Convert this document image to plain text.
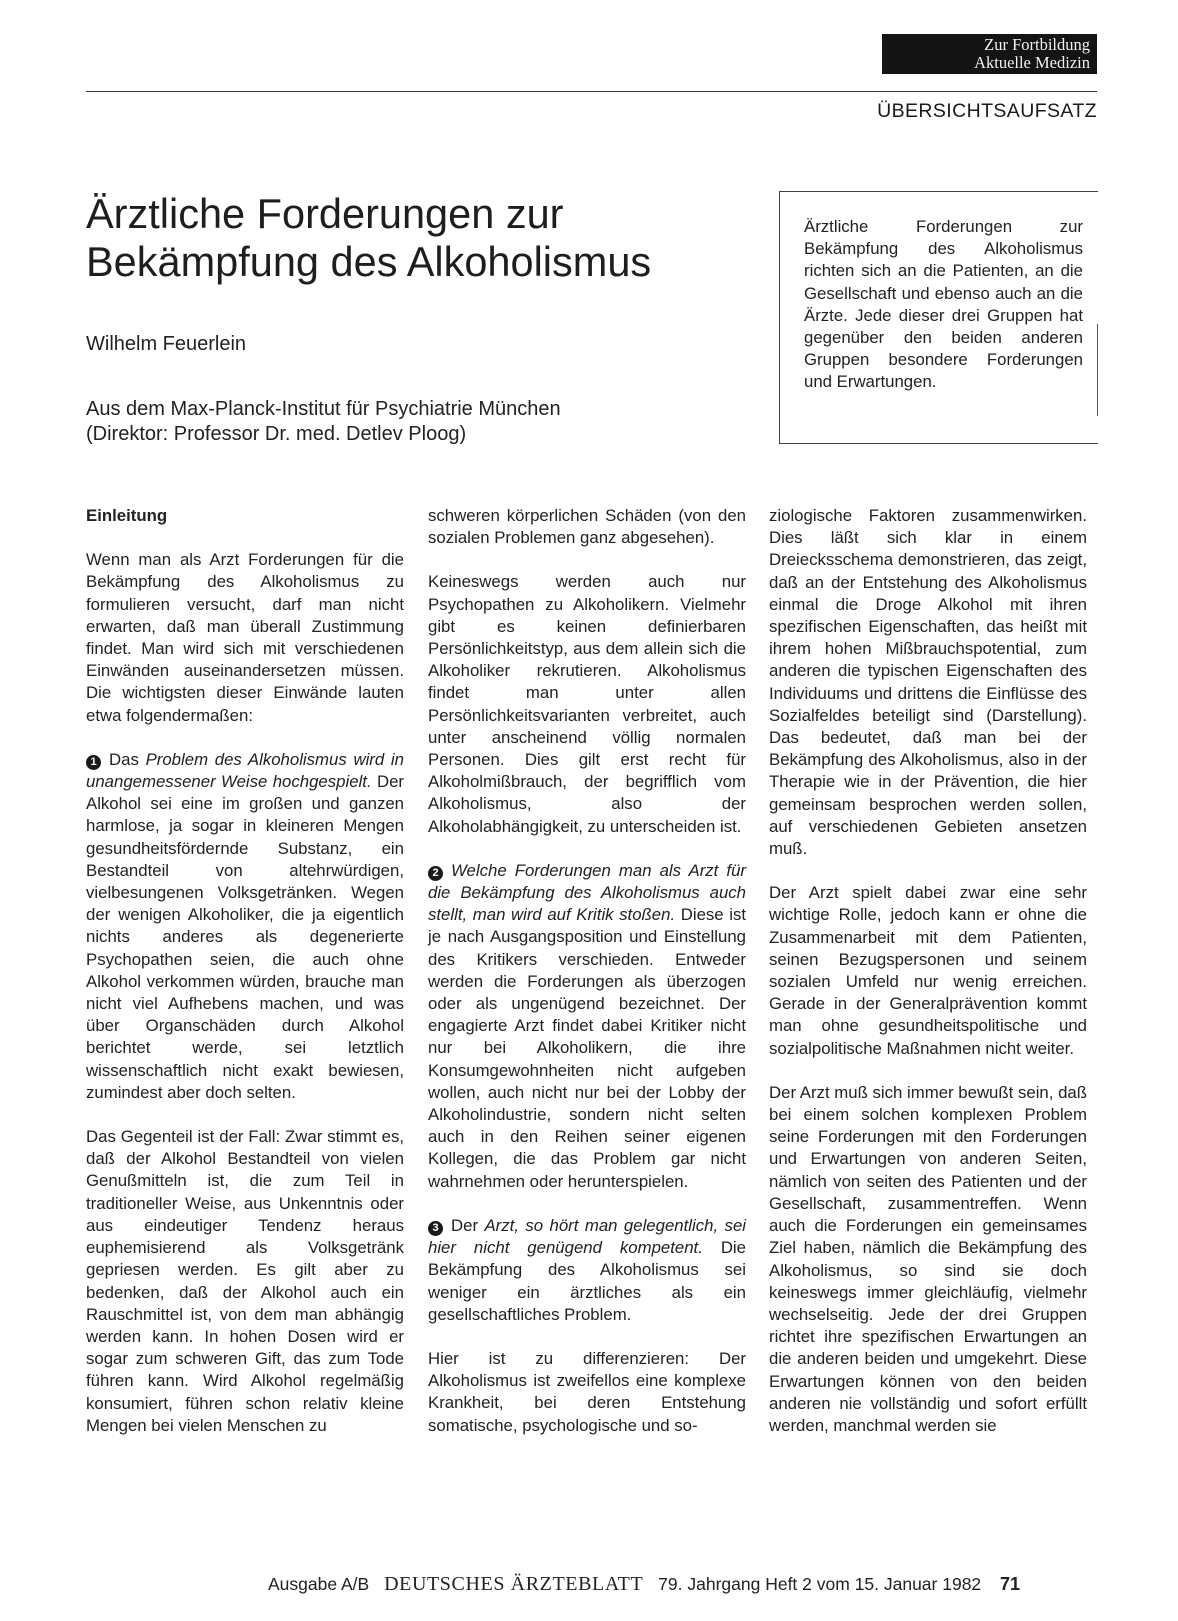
Zur Fortbildung
Aktuelle Medizin
ÜBERSICHTSAUFSATZ
Ärztliche Forderungen zur Bekämpfung des Alkoholismus
Wilhelm Feuerlein
Aus dem Max-Planck-Institut für Psychiatrie München
(Direktor: Professor Dr. med. Detlev Ploog)
Ärztliche Forderungen zur Bekämpfung des Alkoholismus richten sich an die Patienten, an die Gesellschaft und ebenso auch an die Ärzte. Jede dieser drei Gruppen hat gegenüber den beiden anderen Gruppen besondere Forderungen und Erwartungen.
Einleitung

Wenn man als Arzt Forderungen für die Bekämpfung des Alkoholismus zu formulieren versucht, darf man nicht erwarten, daß man überall Zustimmung findet. Man wird sich mit verschiedenen Einwänden auseinandersetzen müssen. Die wichtigsten dieser Einwände lauten etwa folgendermaßen:

1 Das Problem des Alkoholismus wird in unangemessener Weise hochgespielt. Der Alkohol sei eine im großen und ganzen harmlose, ja sogar in kleineren Mengen gesundheitsfördernde Substanz, ein Bestandteil von altehrwürdigen, vielbesungenen Volksgetränken. Wegen der wenigen Alkoholiker, die ja eigentlich nichts anderes als degenerierte Psychopathen seien, die auch ohne Alkohol verkommen würden, brauche man nicht viel Aufhebens machen, und was über Organschäden durch Alkohol berichtet werde, sei letztlich wissenschaftlich nicht exakt bewiesen, zumindest aber doch selten.

Das Gegenteil ist der Fall: Zwar stimmt es, daß der Alkohol Bestandteil von vielen Genußmitteln ist, die zum Teil in traditioneller Weise, aus Unkenntnis oder aus eindeutiger Tendenz heraus euphemisierend als Volksgetränk gepriesen werden. Es gilt aber zu bedenken, daß der Alkohol auch ein Rauschmittel ist, von dem man abhängig werden kann. In hohen Dosen wird er sogar zum schweren Gift, das zum Tode führen kann. Wird Alkohol regelmäßig konsumiert, führen schon relativ kleine Mengen bei vielen Menschen zu

schweren körperlichen Schäden (von den sozialen Problemen ganz abgesehen).

Keineswegs werden auch nur Psychopathen zu Alkoholikern. Vielmehr gibt es keinen definierbaren Persönlichkeitstyp, aus dem allein sich die Alkoholiker rekrutieren. Alkoholismus findet man unter allen Persönlichkeitsvarianten verbreitet, auch unter anscheinend völlig normalen Personen. Dies gilt erst recht für Alkoholmißbrauch, der begrifflich vom Alkoholismus, also der Alkoholabhängigkeit, zu unterscheiden ist.

2 Welche Forderungen man als Arzt für die Bekämpfung des Alkoholismus auch stellt, man wird auf Kritik stoßen. Diese ist je nach Ausgangsposition und Einstellung des Kritikers verschieden. Entweder werden die Forderungen als überzogen oder als ungenügend bezeichnet. Der engagierte Arzt findet dabei Kritiker nicht nur bei Alkoholikern, die ihre Konsumgewohnheiten nicht aufgeben wollen, auch nicht nur bei der Lobby der Alkoholindustrie, sondern nicht selten auch in den Reihen seiner eigenen Kollegen, die das Problem gar nicht wahrnehmen oder herunterspielen.

3 Der Arzt, so hört man gelegentlich, sei hier nicht genügend kompetent. Die Bekämpfung des Alkoholismus sei weniger ein ärztliches als ein gesellschaftliches Problem.

Hier ist zu differenzieren: Der Alkoholismus ist zweifellos eine komplexe Krankheit, bei deren Entstehung somatische, psychologische und so-

ziologische Faktoren zusammenwirken. Dies läßt sich klar in einem Dreiecksschema demonstrieren, das zeigt, daß an der Entstehung des Alkoholismus einmal die Droge Alkohol mit ihren spezifischen Eigenschaften, das heißt mit ihrem hohen Mißbrauchspotential, zum anderen die typischen Eigenschaften des Individuums und drittens die Einflüsse des Sozialfeldes beteiligt sind (Darstellung). Das bedeutet, daß man bei der Bekämpfung des Alkoholismus, also in der Therapie wie in der Prävention, die hier gemeinsam besprochen werden sollen, auf verschiedenen Gebieten ansetzen muß.

Der Arzt spielt dabei zwar eine sehr wichtige Rolle, jedoch kann er ohne die Zusammenarbeit mit dem Patienten, seinen Bezugspersonen und seinem sozialen Umfeld nur wenig erreichen. Gerade in der Generalprävention kommt man ohne gesundheitspolitische und sozialpolitische Maßnahmen nicht weiter.

Der Arzt muß sich immer bewußt sein, daß bei einem solchen komplexen Problem seine Forderungen mit den Forderungen und Erwartungen von anderen Seiten, nämlich von seiten des Patienten und der Gesellschaft, zusammentreffen. Wenn auch die Forderungen ein gemeinsames Ziel haben, nämlich die Bekämpfung des Alkoholismus, so sind sie doch keineswegs immer gleichläufig, vielmehr wechselseitig. Jede der drei Gruppen richtet ihre spezifischen Erwartungen an die anderen beiden und umgekehrt. Diese Erwartungen können von den beiden anderen nie vollständig und sofort erfüllt werden, manchmal werden sie

Ausgabe A/B DEUTSCHES ÄRZTEBLATT 79. Jahrgang Heft 2 vom 15. Januar 1982 71
